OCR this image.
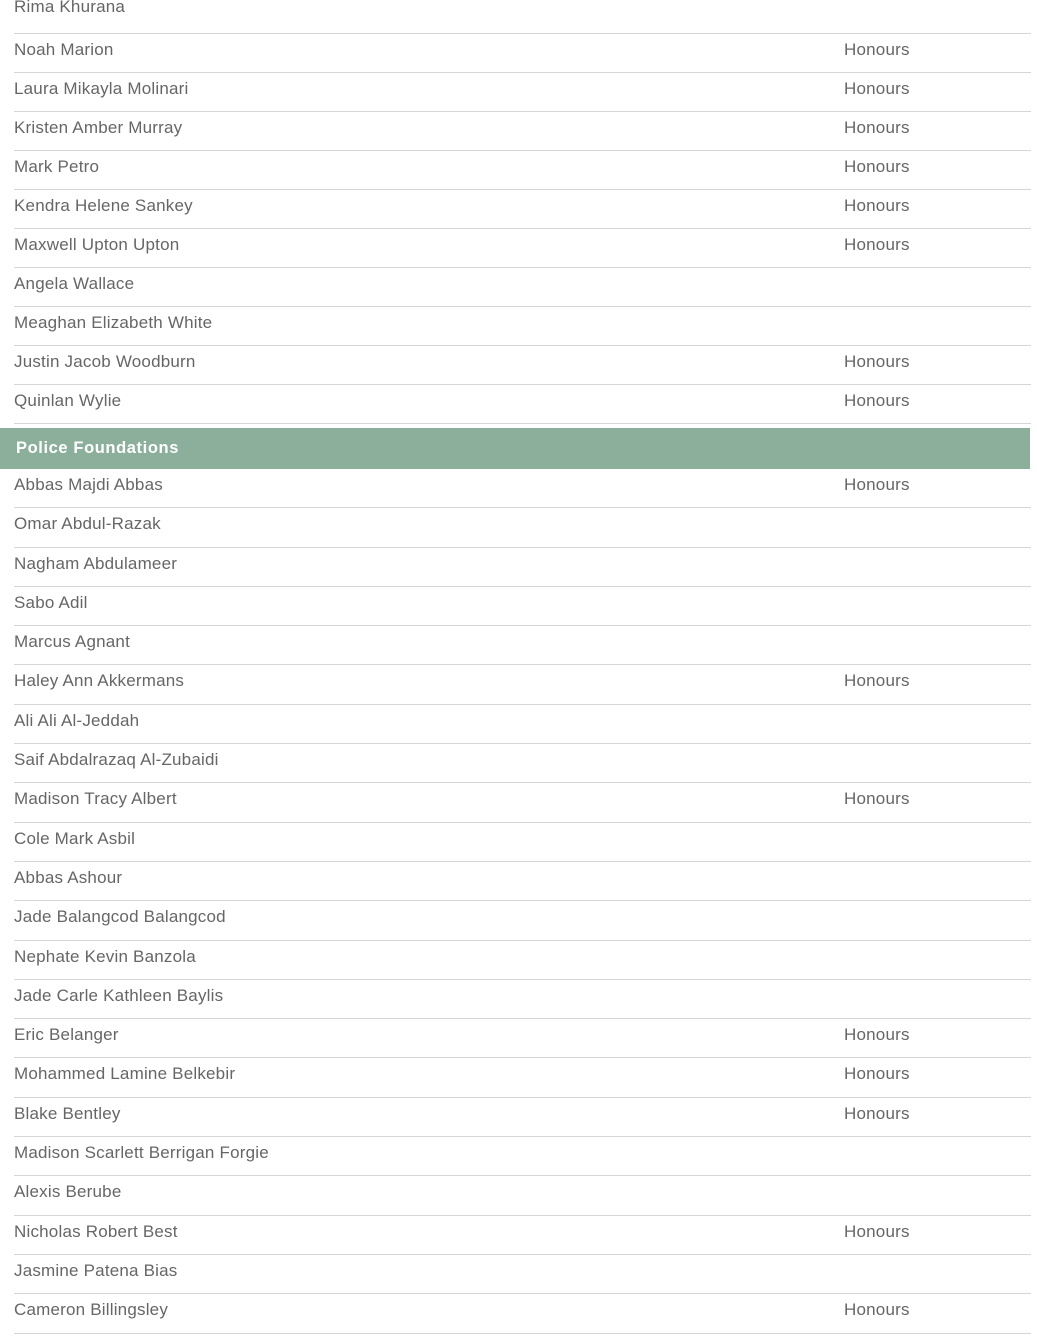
Rima Khurana
Noah Marion	Honours
Laura Mikayla Molinari	Honours
Kristen Amber Murray	Honours
Mark Petro	Honours
Kendra Helene Sankey	Honours
Maxwell Upton Upton	Honours
Angela Wallace
Meaghan Elizabeth White
Justin Jacob Woodburn	Honours
Quinlan Wylie	Honours
Police Foundations
Abbas Majdi Abbas	Honours
Omar Abdul-Razak
Nagham Abdulameer
Sabo Adil
Marcus Agnant
Haley Ann Akkermans	Honours
Ali Ali Al-Jeddah
Saif Abdalrazaq Al-Zubaidi
Madison Tracy Albert	Honours
Cole Mark Asbil
Abbas Ashour
Jade Balangcod Balangcod
Nephate Kevin Banzola
Jade Carle Kathleen Baylis
Eric Belanger	Honours
Mohammed Lamine Belkebir	Honours
Blake Bentley	Honours
Madison Scarlett Berrigan Forgie
Alexis Berube
Nicholas Robert Best	Honours
Jasmine Patena Bias
Cameron Billingsley	Honours
